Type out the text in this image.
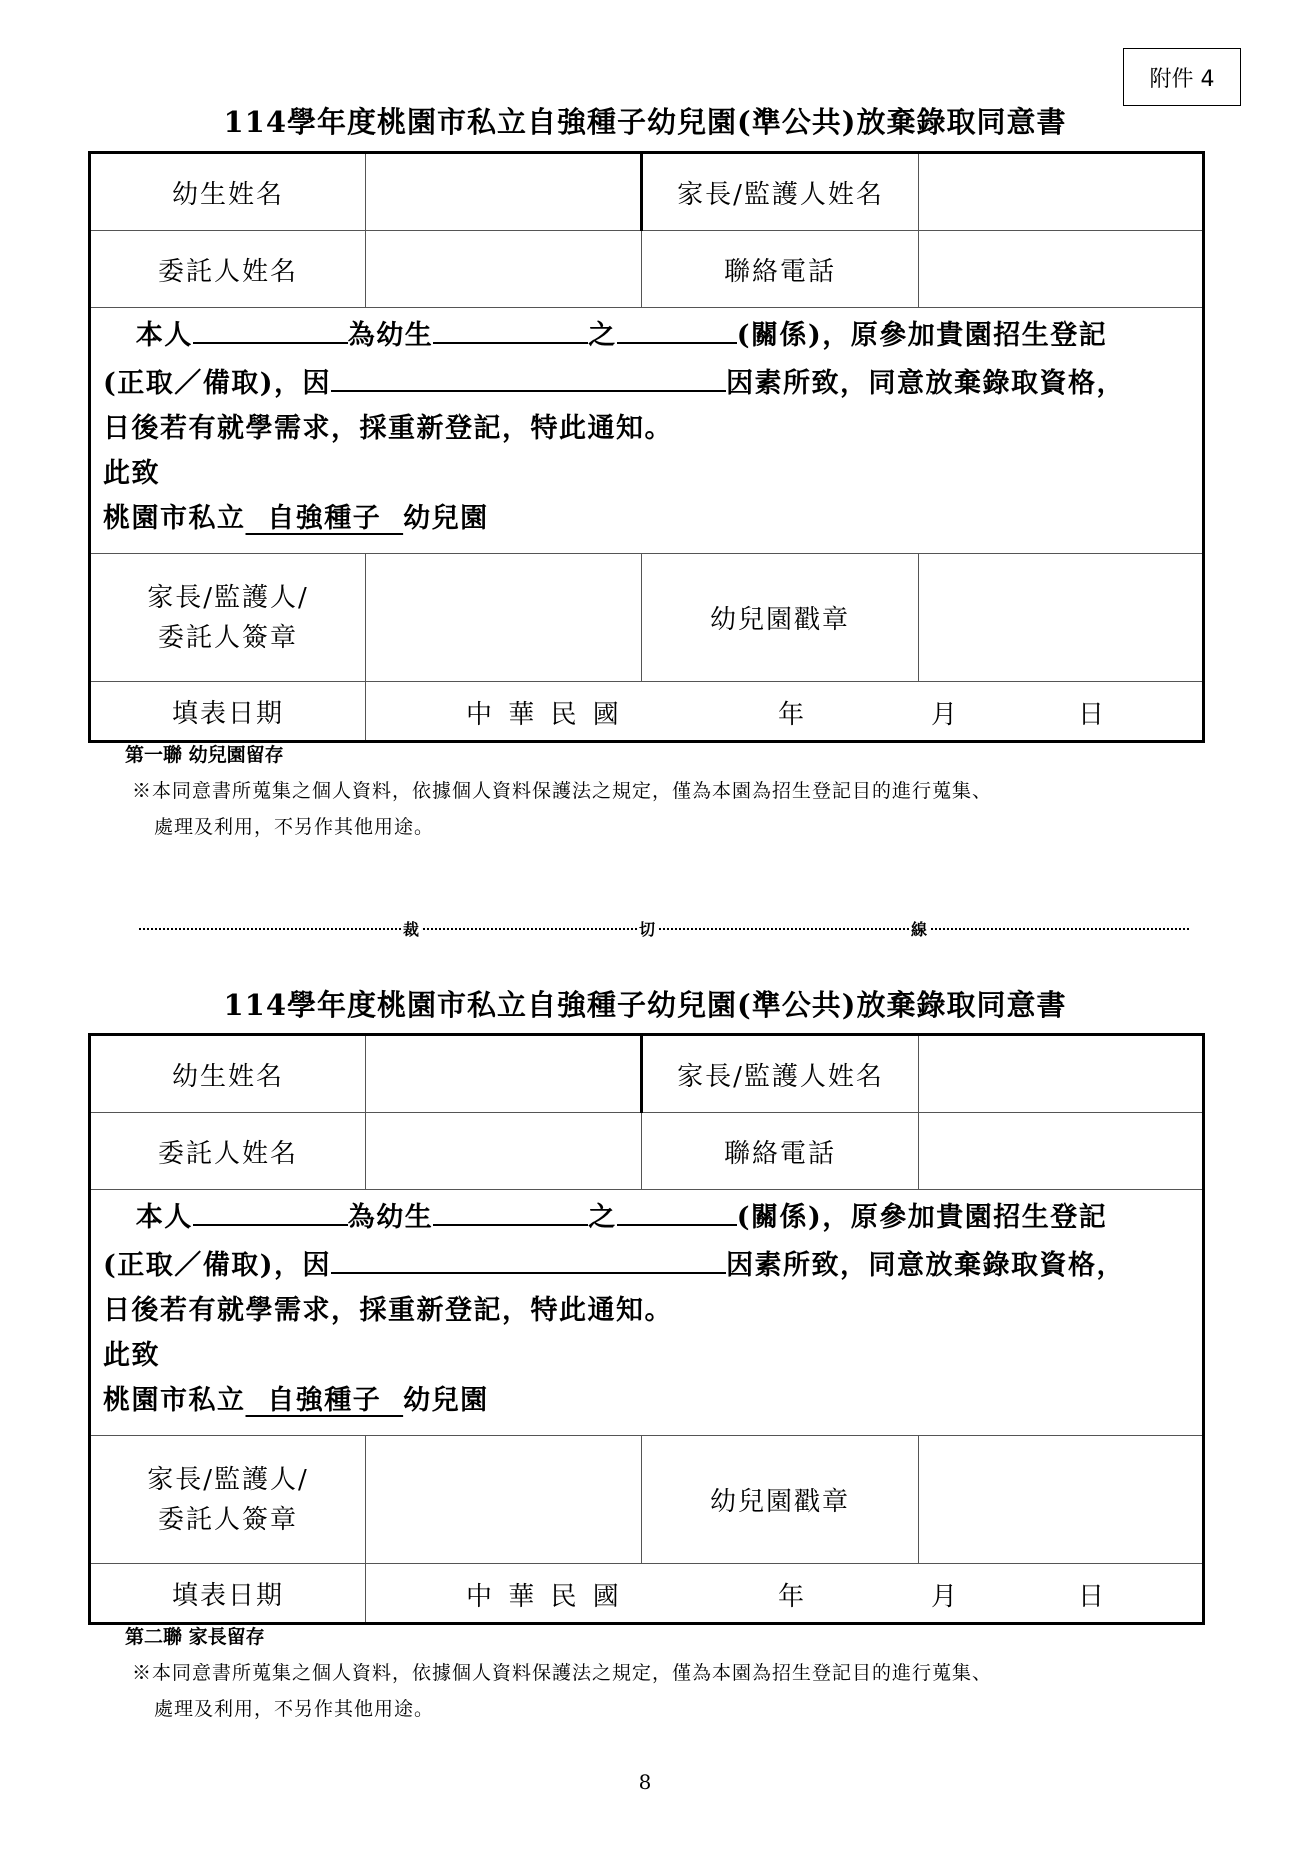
附件 4
114學年度桃園市私立自強種子幼兒園(準公共)放棄錄取同意書
幼生姓名		家長/監護人姓名	
委託人姓名		聯絡電話	

本人 為幼生 之 (關係)，原參加貴園招生登記
(正取／備取)，因 因素所致，同意放棄錄取資格，
日後若有就學需求，採重新登記，特此通知。
此致
桃園市私立  自強種子  幼兒園			

家長/監護人/
委託人簽章		幼兒園戳章	
填表日期	中 華 民 國 年 月 日		
第一聯 幼兒園留存
※本同意書所蒐集之個人資料，依據個人資料保護法之規定，僅為本園為招生登記目的進行蒐集、
處理及利用，不另作其他用途。
裁	切	線
114學年度桃園市私立自強種子幼兒園(準公共)放棄錄取同意書
幼生姓名		家長/監護人姓名	
委託人姓名		聯絡電話	

本人 為幼生 之 (關係)，原參加貴園招生登記
(正取／備取)，因 因素所致，同意放棄錄取資格，
日後若有就學需求，採重新登記，特此通知。
此致
桃園市私立  自強種子  幼兒園			

家長/監護人/
委託人簽章		幼兒園戳章	
填表日期	中 華 民 國 年 月 日		
第二聯 家長留存
※本同意書所蒐集之個人資料，依據個人資料保護法之規定，僅為本園為招生登記目的進行蒐集、
處理及利用，不另作其他用途。
8
